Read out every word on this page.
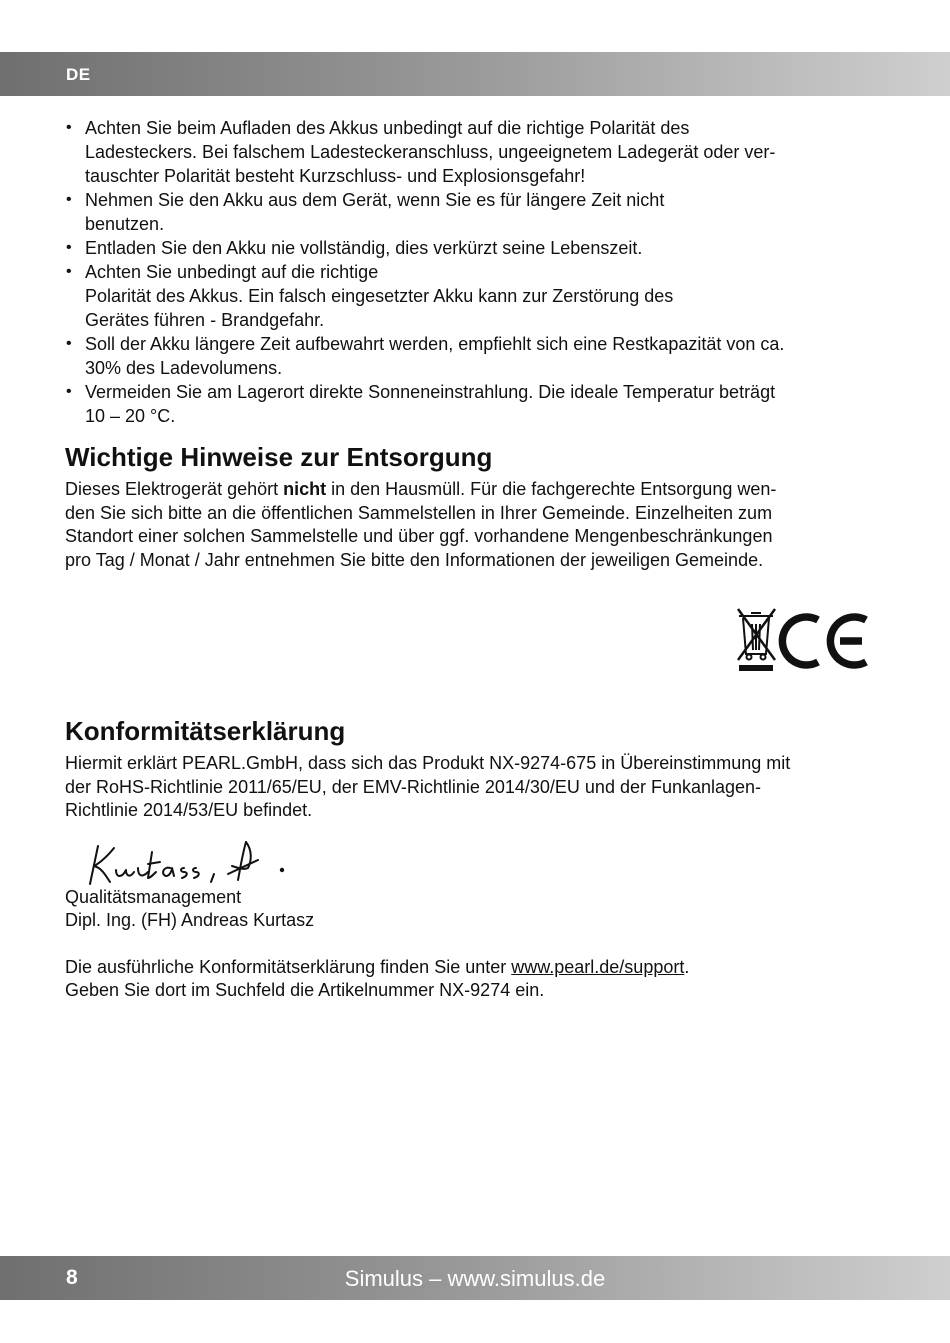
DE
• Achten Sie beim Aufladen des Akkus unbedingt auf die richtige Polarität des
Ladesteckers. Bei falschem Ladesteckeranschluss, ungeeignetem Ladegerät oder ver-
tauschter Polarität besteht Kurzschluss- und Explosionsgefahr!
• Nehmen Sie den Akku aus dem Gerät, wenn Sie es für längere Zeit nicht
benutzen.
• Entladen Sie den Akku nie vollständig, dies verkürzt seine Lebenszeit.
• Achten Sie unbedingt auf die richtige
Polarität des Akkus. Ein falsch eingesetzter Akku kann zur Zerstörung des
Gerätes führen - Brandgefahr.
• Soll der Akku längere Zeit aufbewahrt werden, empfiehlt sich eine Restkapazität von ca.
30% des Ladevolumens.
• Vermeiden Sie am Lagerort direkte Sonneneinstrahlung. Die ideale Temperatur beträgt
10 – 20 °C.
Wichtige Hinweise zur Entsorgung
Dieses Elektrogerät gehört nicht in den Hausmüll. Für die fachgerechte Entsorgung wen-
den Sie sich bitte an die öffentlichen Sammelstellen in Ihrer Gemeinde. Einzelheiten zum
Standort einer solchen Sammelstelle und über ggf. vorhandene Mengenbeschränkungen
pro Tag / Monat / Jahr entnehmen Sie bitte den Informationen der jeweiligen Gemeinde.
Konformitätserklärung
Hiermit erklärt PEARL.GmbH, dass sich das Produkt NX-9274-675 in Übereinstimmung mit
der RoHS-Richtlinie 2011/65/EU, der EMV-Richtlinie 2014/30/EU und der Funkanlagen-
Richtlinie 2014/53/EU befindet.
Qualitätsmanagement
Dipl. Ing. (FH) Andreas Kurtasz
Die ausführliche Konformitätserklärung finden Sie unter www.pearl.de/support.
Geben Sie dort im Suchfeld die Artikelnummer NX-9274 ein.
8	Simulus – www.simulus.de
